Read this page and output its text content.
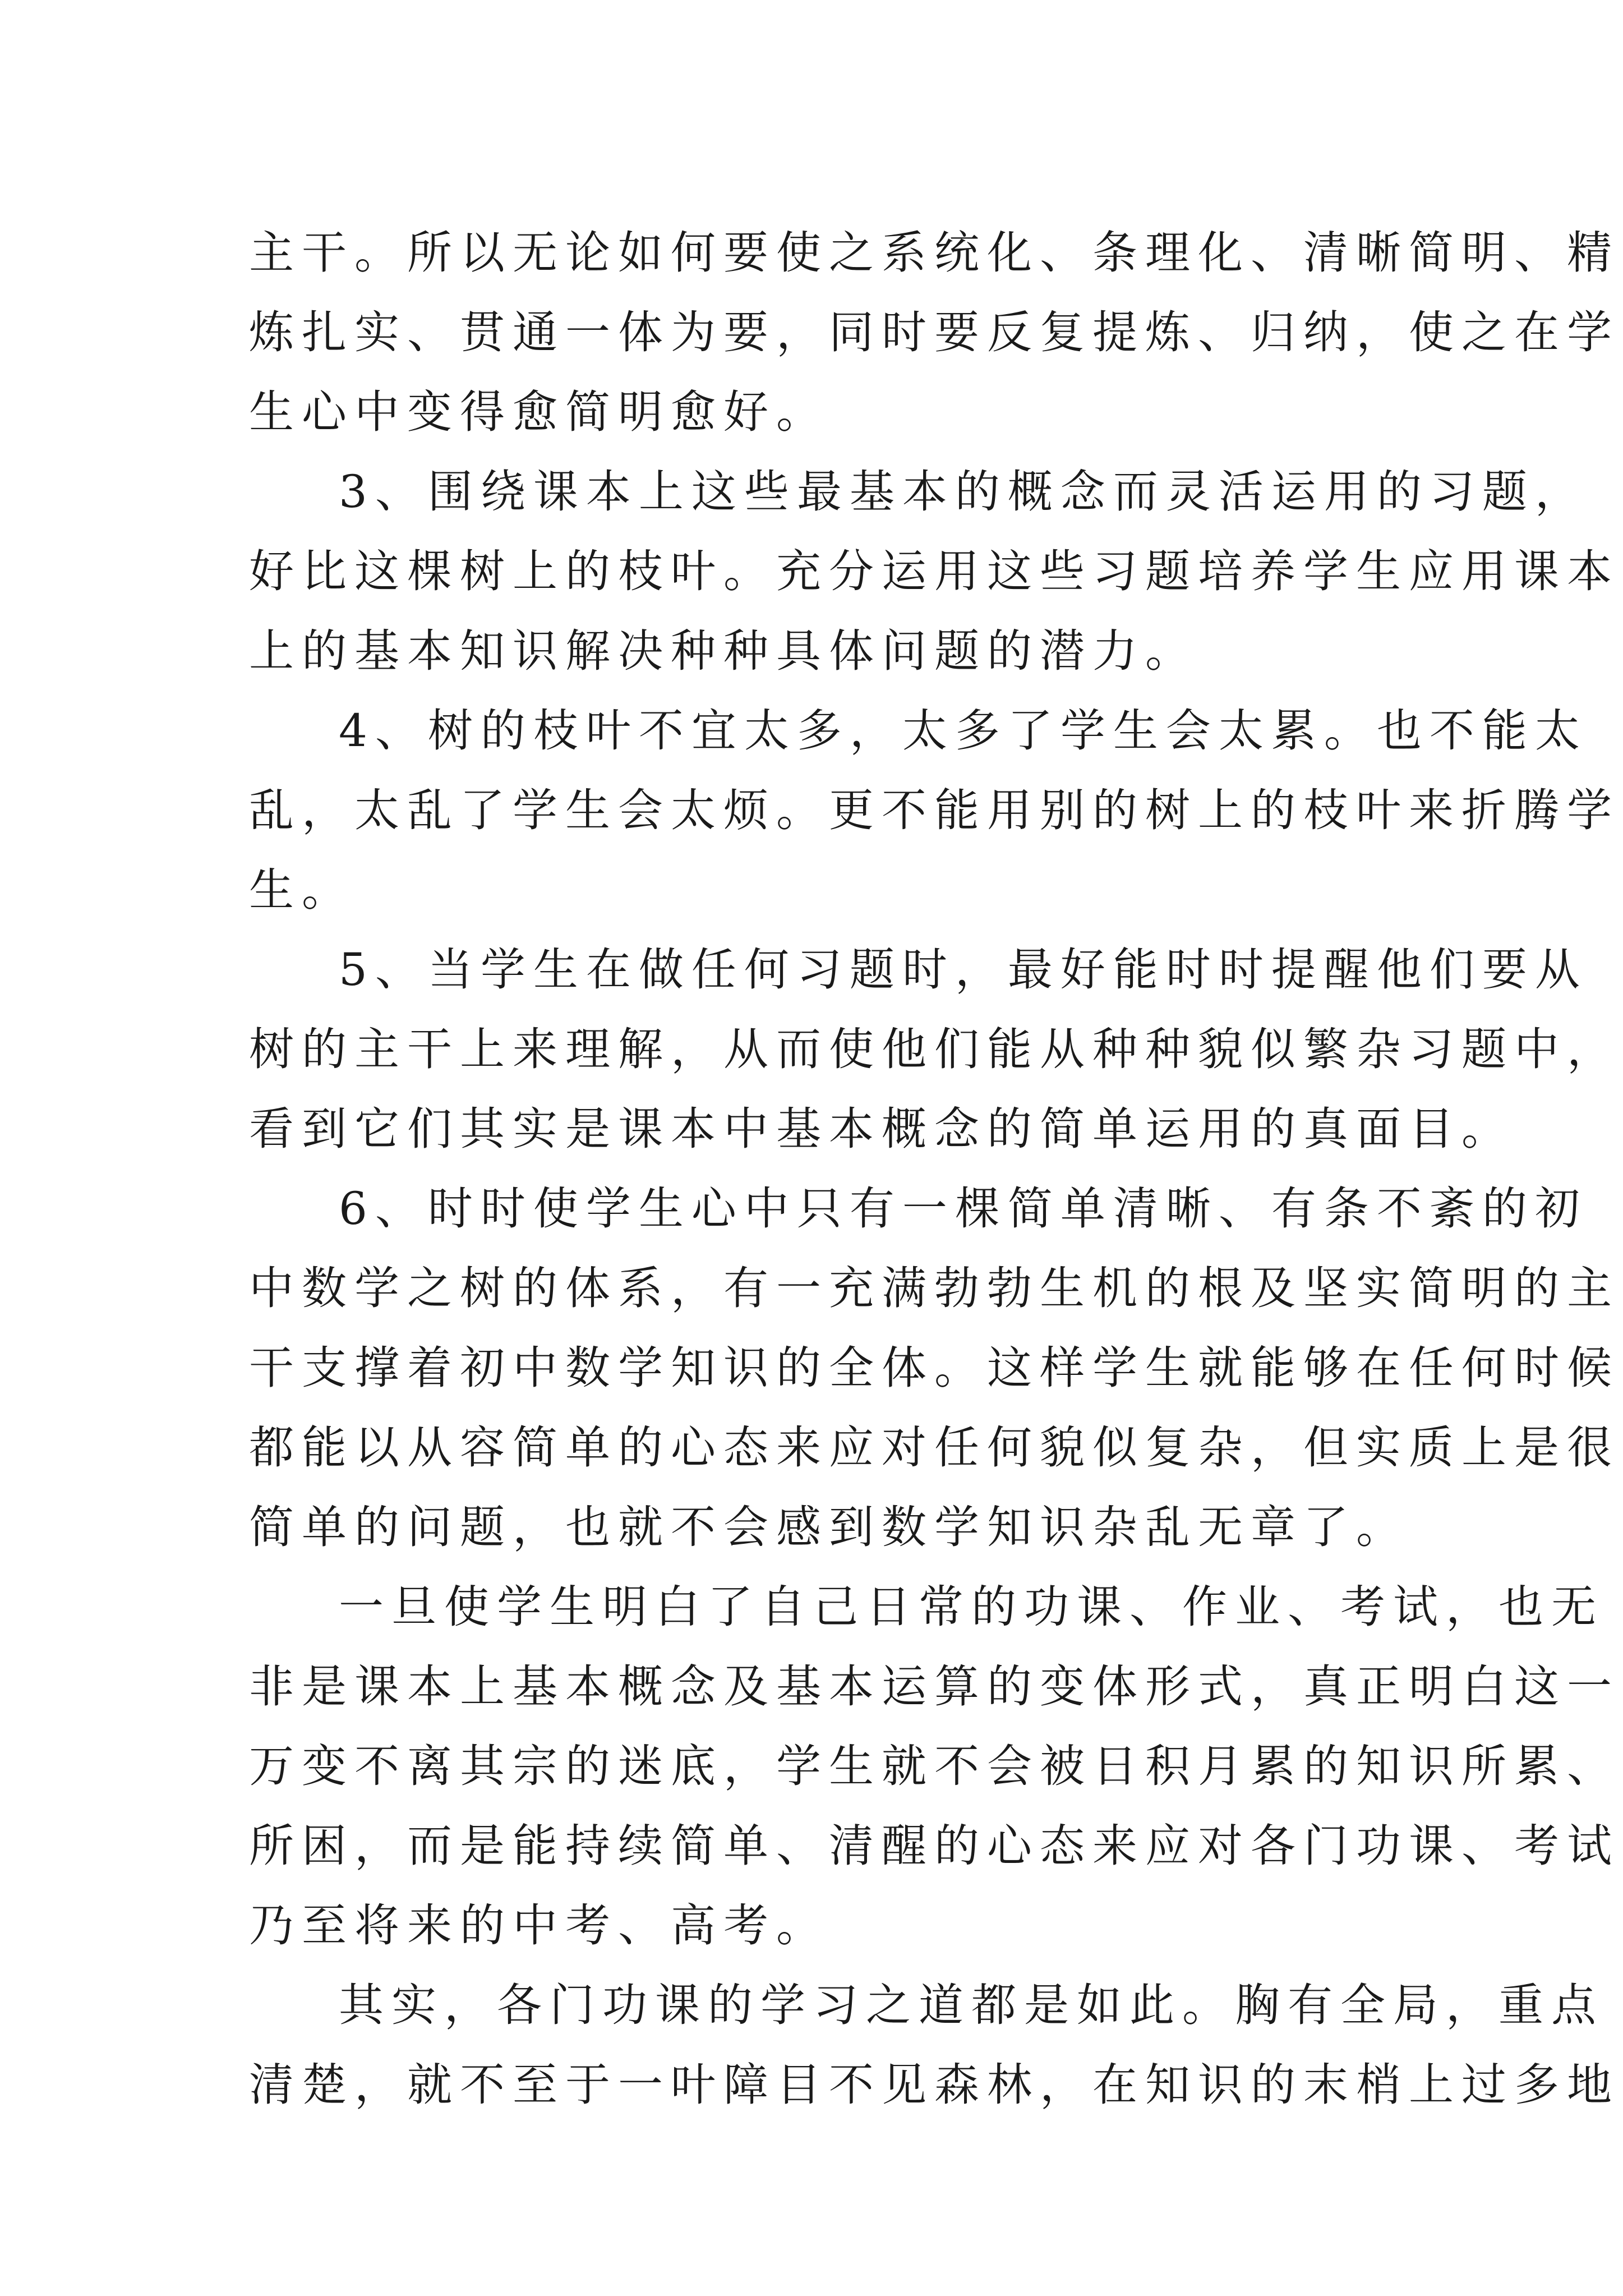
主干。所以无论如何要使之系统化、条理化、清晰简明、精
炼扎实、贯通一体为要，同时要反复提炼、归纳，使之在学
生心中变得愈简明愈好。
3、围绕课本上这些最基本的概念而灵活运用的习题，
好比这棵树上的枝叶。充分运用这些习题培养学生应用课本
上的基本知识解决种种具体问题的潜力。
4、树的枝叶不宜太多，太多了学生会太累。也不能太
乱，太乱了学生会太烦。更不能用别的树上的枝叶来折腾学
生。
5、当学生在做任何习题时，最好能时时提醒他们要从
树的主干上来理解，从而使他们能从种种貌似繁杂习题中，
看到它们其实是课本中基本概念的简单运用的真面目。
6、时时使学生心中只有一棵简单清晰、有条不紊的初
中数学之树的体系，有一充满勃勃生机的根及坚实简明的主
干支撑着初中数学知识的全体。这样学生就能够在任何时候
都能以从容简单的心态来应对任何貌似复杂，但实质上是很
简单的问题，也就不会感到数学知识杂乱无章了。
一旦使学生明白了自己日常的功课、作业、考试，也无
非是课本上基本概念及基本运算的变体形式，真正明白这一
万变不离其宗的迷底，学生就不会被日积月累的知识所累、
所困，而是能持续简单、清醒的心态来应对各门功课、考试
乃至将来的中考、高考。
其实，各门功课的学习之道都是如此。胸有全局，重点
清楚，就不至于一叶障目不见森林，在知识的末梢上过多地
